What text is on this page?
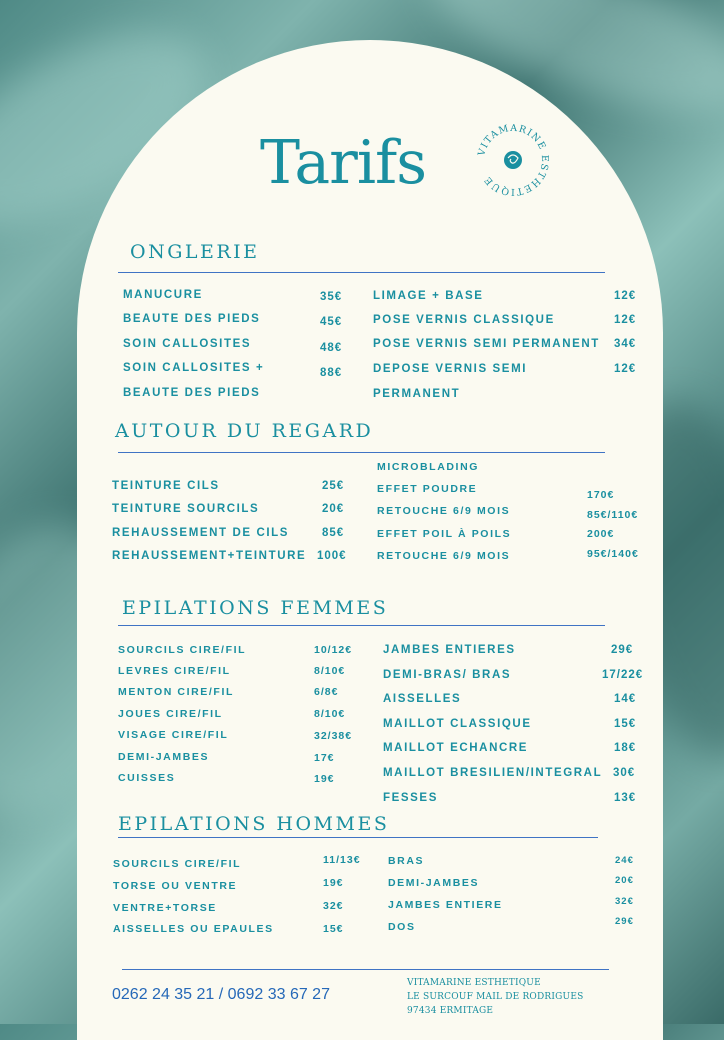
Tarifs	VITAMARINE ESTHETIQUE
ONGLERIE
MANUCURE	35€
BEAUTE DES PIEDS	45€
SOIN CALLOSITES	48€
SOIN CALLOSITES +	88€
BEAUTE DES PIEDS
LIMAGE + BASE	12€
POSE VERNIS CLASSIQUE	12€
POSE VERNIS SEMI PERMANENT 34€
DEPOSE VERNIS SEMI	12€
PERMANENT
AUTOUR DU REGARD
TEINTURE CILS	25€
TEINTURE SOURCILS	20€
REHAUSSEMENT DE CILS	85€
REHAUSSEMENT+TEINTURE 100€
MICROBLADING
EFFET POUDRE	170€
RETOUCHE 6/9 MOIS	85€/110€
EFFET POIL À POILS	200€
RETOUCHE 6/9 MOIS	95€/140€
EPILATIONS FEMMES
SOURCILS CIRE/FIL	10/12€
LEVRES CIRE/FIL	8/10€
MENTON CIRE/FIL	6/8€
JOUES CIRE/FIL	8/10€
VISAGE CIRE/FIL	32/38€
DEMI-JAMBES	17€
CUISSES	19€
JAMBES ENTIERES	29€
DEMI-BRAS/ BRAS	17/22€
AISSELLES	14€
MAILLOT CLASSIQUE	15€
MAILLOT ECHANCRE	18€
MAILLOT BRESILIEN/INTEGRAL 30€
FESSES	13€
EPILATIONS HOMMES
SOURCILS CIRE/FIL	11/13€
TORSE OU VENTRE	19€
VENTRE+TORSE	32€
AISSELLES OU EPAULES	15€
BRAS	24€
DEMI-JAMBES	20€
JAMBES ENTIERE	32€
DOS	29€
0262 24 35 21 / 0692 33 67 27
VITAMARINE ESTHETIQUE
LE SURCOUF MAIL DE RODRIGUES
97434 ERMITAGE
